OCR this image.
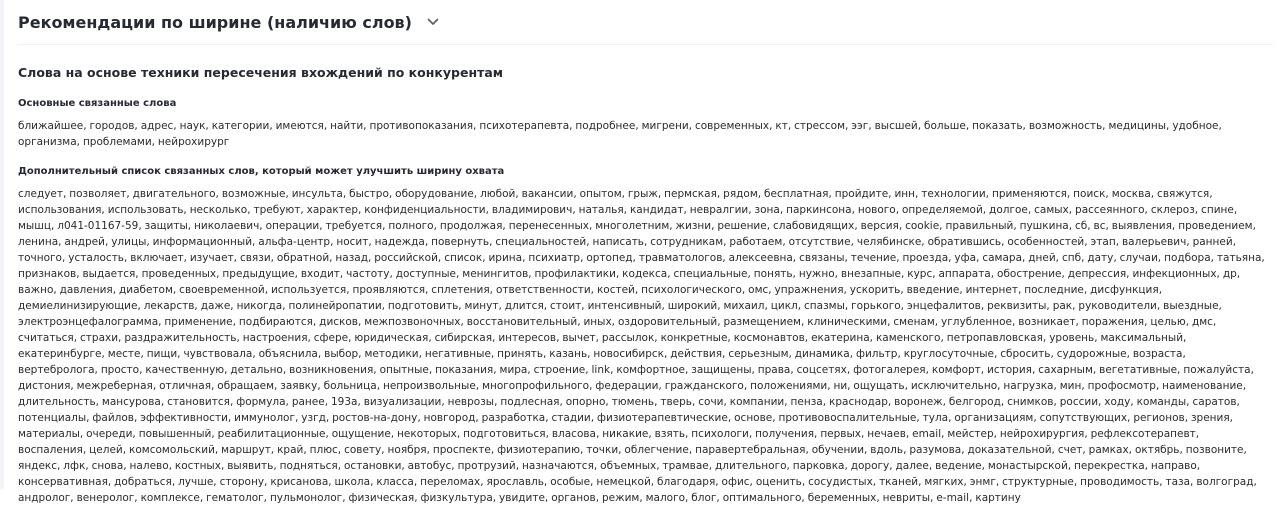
Рекомендации по ширине (наличию слов)
Слова на основе техники пересечения вхождений по конкурентам
Основные связанные слова
ближайшее, городов, адрес, наук, категории, имеются, найти, противопоказания, психотерапевта, подробнее, мигрени, современных, кт, стрессом, ээг, высшей, больше, показать, возможность, медицины, удобное, организма, проблемами, нейрохирург
Дополнительный список связанных слов, который может улучшить ширину охвата
следует, позволяет, двигательного, возможные, инсульта, быстро, оборудование, любой, вакансии, опытом, грыж, пермская, рядом, бесплатная, пройдите, инн, технологии, применяются, поиск, москва, свяжутся, использования, использовать, несколько, требуют, характер, конфиденциальности, владимирович, наталья, кандидат, невралгии, зона, паркинсона, нового, определяемой, долгое, самых, рассеянного, склероз, спине, мышц, л041-01167-59, защиты, николаевич, операции, требуется, полного, продолжая, перенесенных, многолетним, жизни, решение, слабовидящих, версия, cookie, правильный, пушкина, сб, вс, выявления, проведением, ленина, андрей, улицы, информационный, альфа-центр, носит, надежда, повернуть, специальностей, написать, сотрудникам, работаем, отсутствие, челябинске, обратившись, особенностей, этап, валерьевич, ранней, точного, усталость, включает, изучает, связи, обратной, назад, российской, список, ирина, психиатр, ортопед, травматологов, алексеевна, связаны, течение, проезда, уфа, самара, дней, спб, дату, случаи, подбора, татьяна, признаков, выдается, проведенных, предыдущие, входит, частоту, доступные, менингитов, профилактики, кодекса, специальные, понять, нужно, внезапные, курс, аппарата, обострение, депрессия, инфекционных, др, важно, давления, диабетом, своевременной, используется, проявляются, сплетения, ответственности, костей, психологического, омс, упражнения, ускорить, введение, интернет, последние, дисфункция, демиелинизирующие, лекарств, даже, никогда, полинейропатии, подготовить, минут, длится, стоит, интенсивный, широкий, михаил, цикл, спазмы, горького, энцефалитов, реквизиты, рак, руководители, выездные, электроэнцефалограмма, применение, подбираются, дисков, межпозвоночных, восстановительный, иных, оздоровительный, размещением, клиническими, сменам, углубленное, возникает, поражения, целью, дмс, считаться, страхи, раздражительность, настроения, сфере, юридическая, сибирская, интересов, вычет, рассылок, конкретные, космонавтов, екатерина, каменского, петропавловская, уровень, максимальный, екатеринбурге, месте, пищи, чувствовала, объяснила, выбор, методики, негативные, принять, казань, новосибирск, действия, серьезным, динамика, фильтр, круглосуточные, сбросить, судорожные, возраста, вертебролога, просто, качественную, детально, возникновения, опытные, показания, мира, строение, link, комфортное, защищены, права, соцсетях, фотогалерея, комфорт, история, сахарным, вегетативные, пожалуйста, дистония, межреберная, отличная, обращаем, заявку, больница, непроизвольные, многопрофильного, федерации, гражданского, положениями, ни, ощущать, исключительно, нагрузка, мин, профосмотр, наименование, длительность, мансурова, становится, формула, ранее, 193а, визуализации, неврозы, подлесная, опорно, тюмень, тверь, сочи, компании, пенза, краснодар, воронеж, белгород, снимков, россии, ходу, команды, саратов, потенциалы, файлов, эффективности, иммунолог, узгд, ростов-на-дону, новгород, разработка, стадии, физиотерапевтические, основе, противовоспалительные, тула, организациям, сопутствующих, регионов, зрения, материалы, очереди, повышенный, реабилитационные, ощущение, некоторых, подготовиться, власова, никакие, взять, психологи, получения, первых, нечаев, email, мейстер, нейрохирургия, рефлексотерапевт, воспаления, целей, комсомольский, маршрут, край, плюс, совету, ноября, проспекте, физиотерапию, точки, облегчение, паравертебральная, обучении, вдоль, разумова, доказательной, счет, рамках, октябрь, позвоните, яндекс, лфк, снова, налево, костных, выявить, подняться, остановки, автобус, протрузий, назначаются, объемных, трамвае, длительного, парковка, дорогу, далее, ведение, монастырской, перекрестка, направо, консервативная, добраться, лучше, сторону, крисанова, школа, класса, переломах, ярославль, особые, немецкой, благодаря, офис, оценить, сосудистых, тканей, мягких, энмг, структурные, проводимость, таза, волгоград, андролог, венеролог, комплексе, гематолог, пульмонолог, физическая, физкультура, увидите, органов, режим, малого, блог, оптимального, беременных, невриты, e-mail, картину
